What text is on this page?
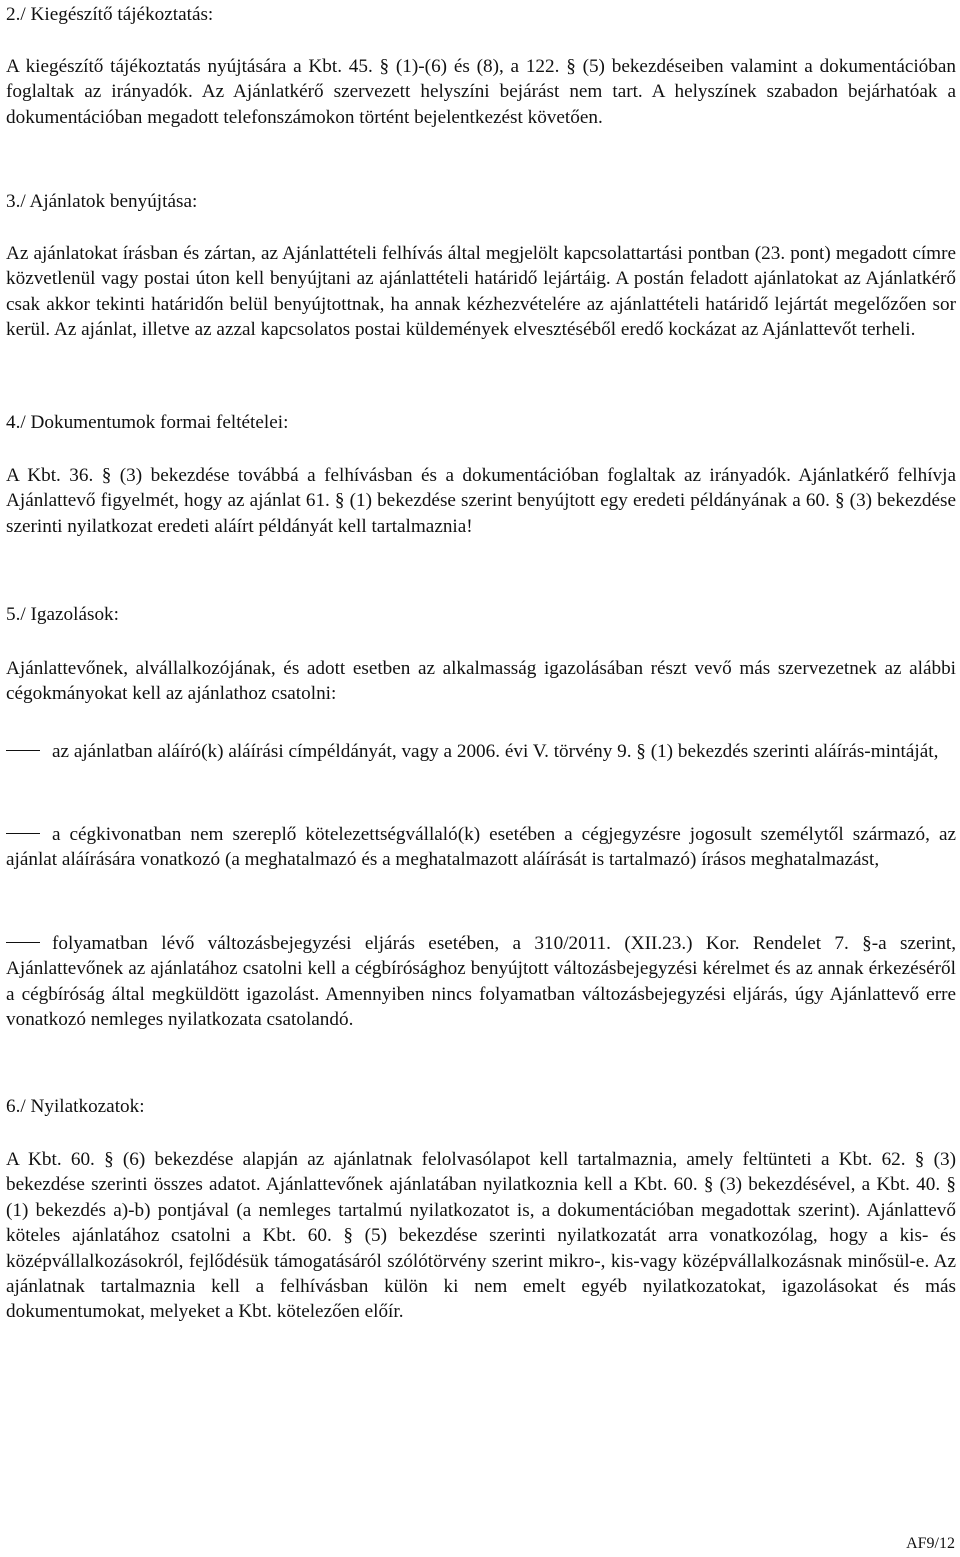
2./ Kiegészítő tájékoztatás:

A kiegészítő tájékoztatás nyújtására a Kbt. 45. § (1)-(6) és (8), a 122. § (5) bekezdéseiben valamint a dokumentációban foglaltak az irányadók. Az Ajánlatkérő szervezett helyszíni bejárást nem tart. A helyszínek szabadon bejárhatóak a dokumentációban megadott telefonszámokon történt bejelentkezést követően.

3./ Ajánlatok benyújtása:

Az ajánlatokat írásban és zártan, az Ajánlattételi felhívás által megjelölt kapcsolattartási pontban (23. pont) megadott címre közvetlenül vagy postai úton kell benyújtani az ajánlattételi határidő lejártáig. A postán feladott ajánlatokat az Ajánlatkérő csak akkor tekinti határidőn belül benyújtottnak, ha annak kézhezvételére az ajánlattételi határidő lejártát megelőzően sor kerül. Az ajánlat, illetve az azzal kapcsolatos postai küldemények elvesztéséből eredő kockázat az Ajánlattevőt terheli.

4./ Dokumentumok formai feltételei:

A Kbt. 36. § (3) bekezdése továbbá a felhívásban és a dokumentációban foglaltak az irányadók. Ajánlatkérő felhívja Ajánlattevő figyelmét, hogy az ajánlat 61. § (1) bekezdése szerint benyújtott egy eredeti példányának a 60. § (3) bekezdése szerinti nyilatkozat eredeti aláírt példányát kell tartalmaznia!

5./ Igazolások:

Ajánlattevőnek, alvállalkozójának, és adott esetben az alkalmasság igazolásában részt vevő más szervezetnek az alábbi cégokmányokat kell az ajánlathoz csatolni:

az ajánlatban aláíró(k) aláírási címpéldányát, vagy a 2006. évi V. törvény 9. § (1) bekezdés szerinti aláírás-mintáját,

a cégkivonatban nem szereplő kötelezettségvállaló(k) esetében a cégjegyzésre jogosult személytől származó, az ajánlat aláírására vonatkozó (a meghatalmazó és a meghatalmazott aláírását is tartalmazó) írásos meghatalmazást,

folyamatban lévő változásbejegyzési eljárás esetében, a 310/2011. (XII.23.) Kor. Rendelet 7. §-a szerint, Ajánlattevőnek az ajánlatához csatolni kell a cégbírósághoz benyújtott változásbejegyzési kérelmet és az annak érkezéséről a cégbíróság által megküldött igazolást. Amennyiben nincs folyamatban változásbejegyzési eljárás, úgy Ajánlattevő erre vonatkozó nemleges nyilatkozata csatolandó.

6./ Nyilatkozatok:

A Kbt. 60. § (6) bekezdése alapján az ajánlatnak felolvasólapot kell tartalmaznia, amely feltünteti a Kbt. 62. § (3) bekezdése szerinti összes adatot. Ajánlattevőnek ajánlatában nyilatkoznia kell a Kbt. 60. § (3) bekezdésével, a Kbt. 40. § (1) bekezdés a)-b) pontjával (a nemleges tartalmú nyilatkozatot is, a dokumentációban megadottak szerint). Ajánlattevő köteles ajánlatához csatolni a Kbt. 60. § (5) bekezdése szerinti nyilatkozatát arra vonatkozólag, hogy a kis- és középvállalkozásokról, fejlődésük támogatásáról szólótörvény szerint mikro-, kis-vagy középvállalkozásnak minősül-e. Az ajánlatnak tartalmaznia kell a felhívásban külön ki nem emelt egyéb nyilatkozatokat, igazolásokat és más dokumentumokat, melyeket a Kbt. kötelezően előír.

AF9/12
